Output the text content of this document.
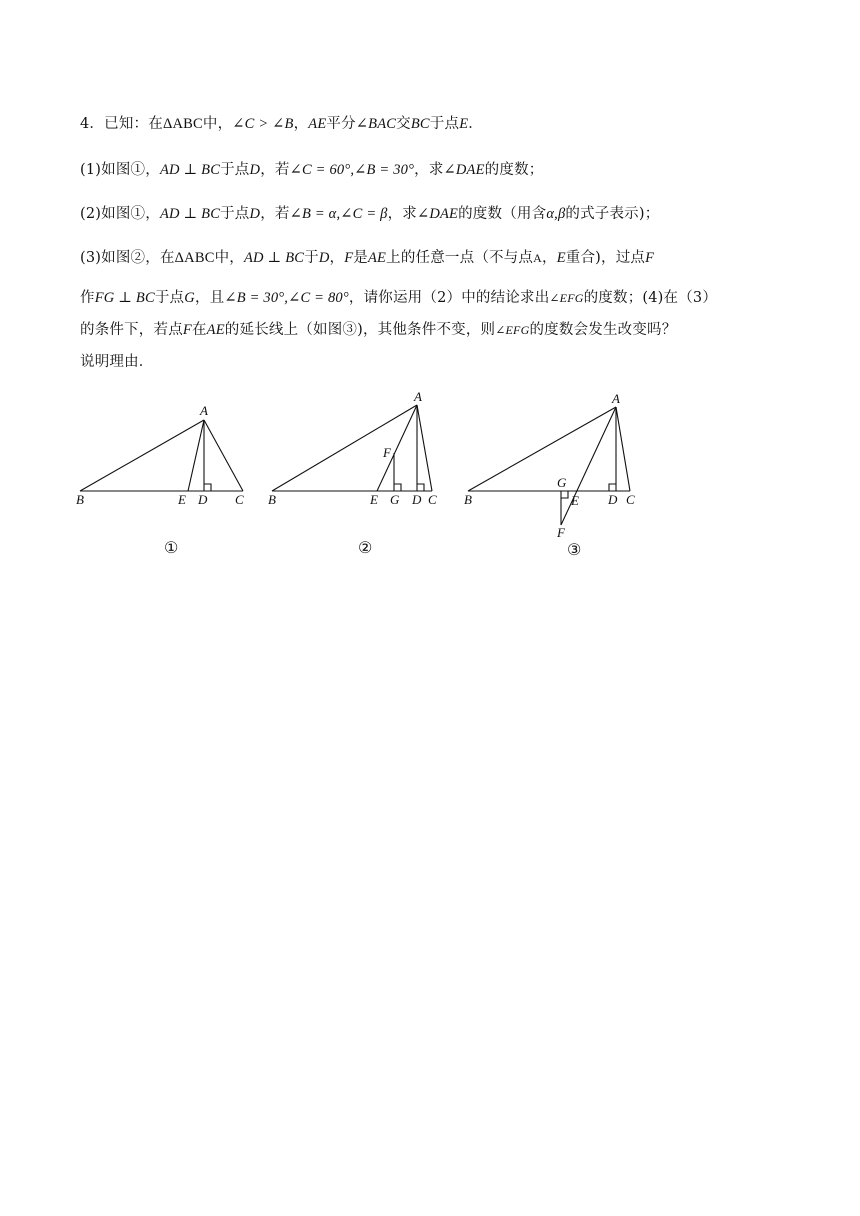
4．已知：在ΔABC中，∠C > ∠B，AE平分∠BAC交BC于点E．
(1)如图①，AD ⊥ BC于点D，若∠C = 60°,∠B = 30°，求∠DAE的度数；
(2)如图①，AD ⊥ BC于点D，若∠B = α,∠C = β，求∠DAE的度数（用含α,β的式子表示)；
(3)如图②，在ΔABC中，AD ⊥ BC于D，F是AE上的任意一点（不与点A，E重合)，过点F
作FG ⊥ BC于点G，且∠B = 30°,∠C = 80°，请你运用（2）中的结论求出∠EFG的度数；(4)在（3）
的条件下，若点F在AE的延长线上（如图③)，其他条件不变，则∠EFG的度数会发生改变吗？
说明理由．
A
B	E D C
①
A
F
B	E G D C
②
A
G
B	E D C
F
③
